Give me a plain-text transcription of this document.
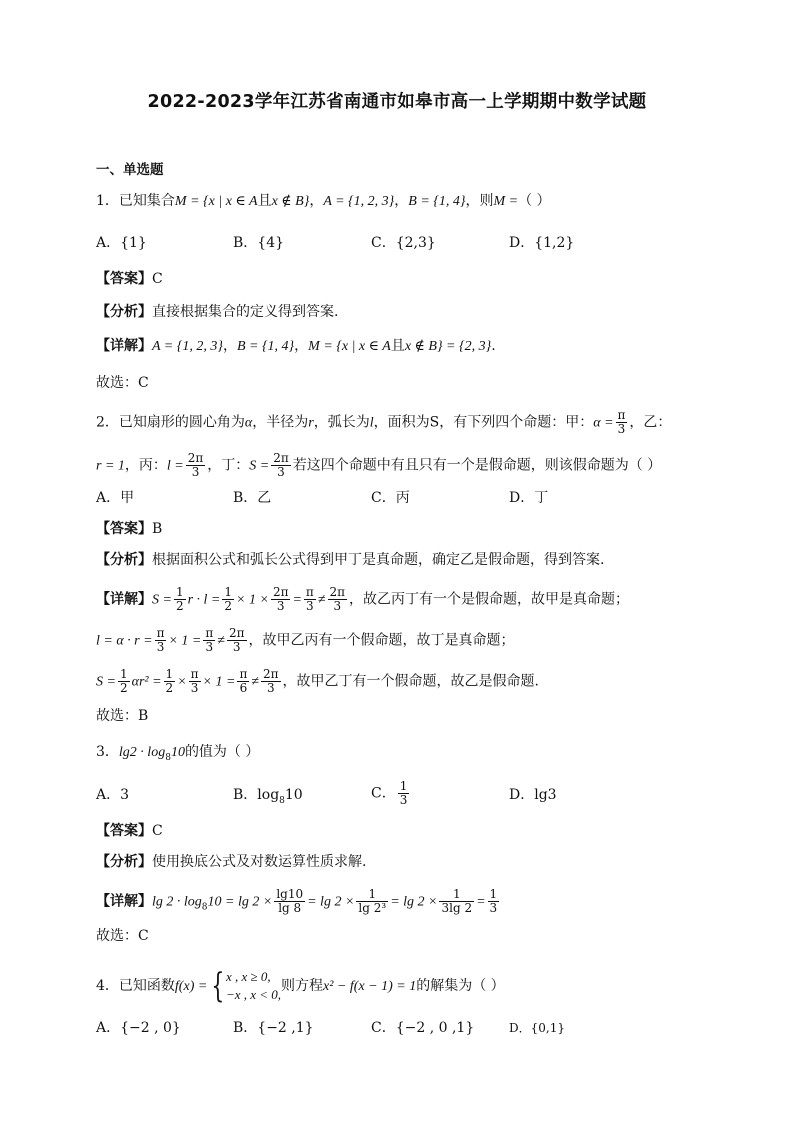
2022-2023学年江苏省南通市如皋市高一上学期期中数学试题
一、单选题
1．已知集合M = {x | x ∈ A且x ∉ B}，A = {1, 2, 3}，B = {1, 4}，则M =（ ）
A．{1}	B．{4}	C．{2,3}	D．{1,2}
【答案】C
【分析】直接根据集合的定义得到答案.
【详解】A = {1, 2, 3}，B = {1, 4}，M = {x | x ∈ A且x ∉ B} = {2, 3}.
故选：C
2．已知扇形的圆心角为α，半径为r，弧长为l，面积为S，有下列四个命题：甲：$\alpha = \frac{\pi}{3}$ ，乙：
r = 1，丙：$l = \frac{2\pi}{3}$ ，丁：$S = \frac{2\pi}{3}$ 若这四个命题中有且只有一个是假命题，则该假命题为（ ）
A．甲	B．乙	C．丙	D．丁
【答案】B
【分析】根据面积公式和弧长公式得到甲丁是真命题，确定乙是假命题，得到答案.
【详解】$S = \frac{1}{2}$ $r \cdot l = \frac{1}{2} \times 1 \times \frac{2\pi}{3} = \frac{\pi}{3} \ne \frac{2\pi}{3}$ ，故乙丙丁有一个是假命题，故甲是真命题；
$l = \alpha \cdot r = \frac{\pi}{3} \times 1 = \frac{\pi}{3} \ne \frac{2\pi}{3}$ ，故甲乙丙有一个假命题，故丁是真命题；
$S = \frac{1}{2} \alpha r^2 = \frac{1}{2} \times \frac{\pi}{3} \times 1 = \frac{\pi}{6} \ne \frac{2\pi}{3}$ ，故甲乙丁有一个假命题，故乙是假命题.
故选：B
3．$\lg 2 \cdot \log_810$的值为（ ）
A．3	B．$\log_810$	C． $\frac{1}{3}$	D．lg3
【答案】C
【分析】使用换底公式及对数运算性质求解.
【详解】$\lg 2 \cdot \log_810 = \lg 2 \times \frac{\lg 10}{\lg 8} = \lg 2 \times \frac{1}{\text{lg 2³}} = \lg 2 \times \frac{1}{3\lg 2} = \frac{1}{3}$
故选：C
4．已知函数f(x) = { x , x ≥ 0,
−x , x < 0,
则方程x² − f(x − 1) = 1的解集为（ ）
A．{−2 , 0}	B．{−2 ,1}	C．{−2 , 0 ,1}	D．{0,1}
